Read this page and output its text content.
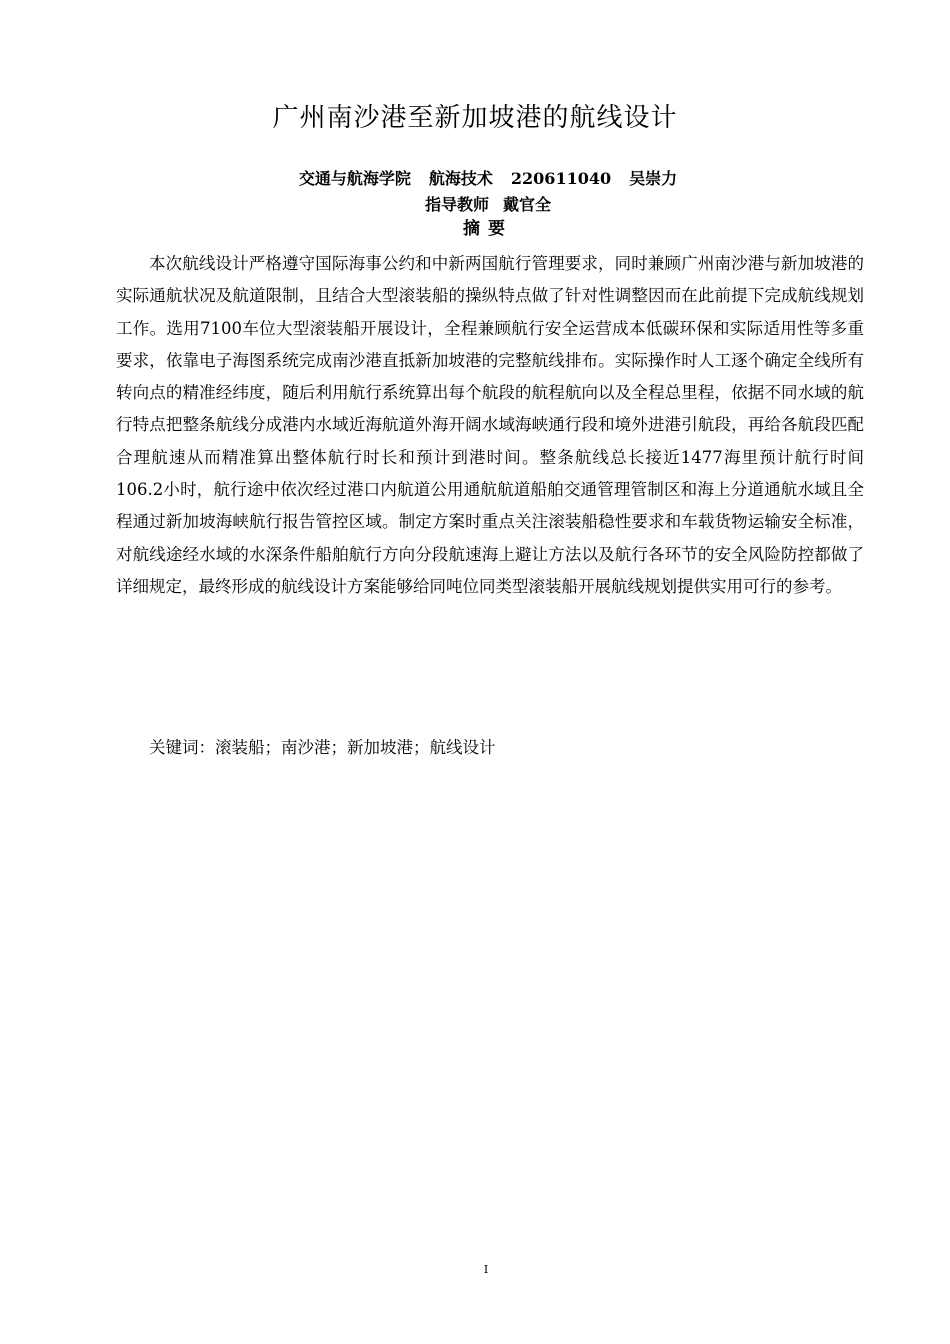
广州南沙港至新加坡港的航线设计
交通与航海学院 航海技术 220611040 吴崇力
指导教师 戴官全
摘要

本次航线设计严格遵守国际海事公约和中新两国航行管理要求，同时兼顾广州南沙港与新加坡港的实际通航状况及航道限制，且结合大型滚装船的操纵特点做了针对性调整因而在此前提下完成航线规划工作。选用7100车位大型滚装船开展设计，全程兼顾航行安全运营成本低碳环保和实际适用性等多重要求，依靠电子海图系统完成南沙港直抵新加坡港的完整航线排布。实际操作时人工逐个确定全线所有转向点的精准经纬度，随后利用航行系统算出每个航段的航程航向以及全程总里程，依据不同水域的航行特点把整条航线分成港内水域近海航道外海开阔水域海峡通行段和境外进港引航段，再给各航段匹配合理航速从而精准算出整体航行时长和预计到港时间。整条航线总长接近1477海里预计航行时间106.2小时，航行途中依次经过港口内航道公用通航航道船舶交通管理管制区和海上分道通航水域且全程通过新加坡海峡航行报告管控区域。制定方案时重点关注滚装船稳性要求和车载货物运输安全标准，对航线途经水域的水深条件船舶航行方向分段航速海上避让方法以及航行各环节的安全风险防控都做了详细规定，最终形成的航线设计方案能够给同吨位同类型滚装船开展航线规划提供实用可行的参考。

关键词：滚装船；南沙港；新加坡港；航线设计

I
